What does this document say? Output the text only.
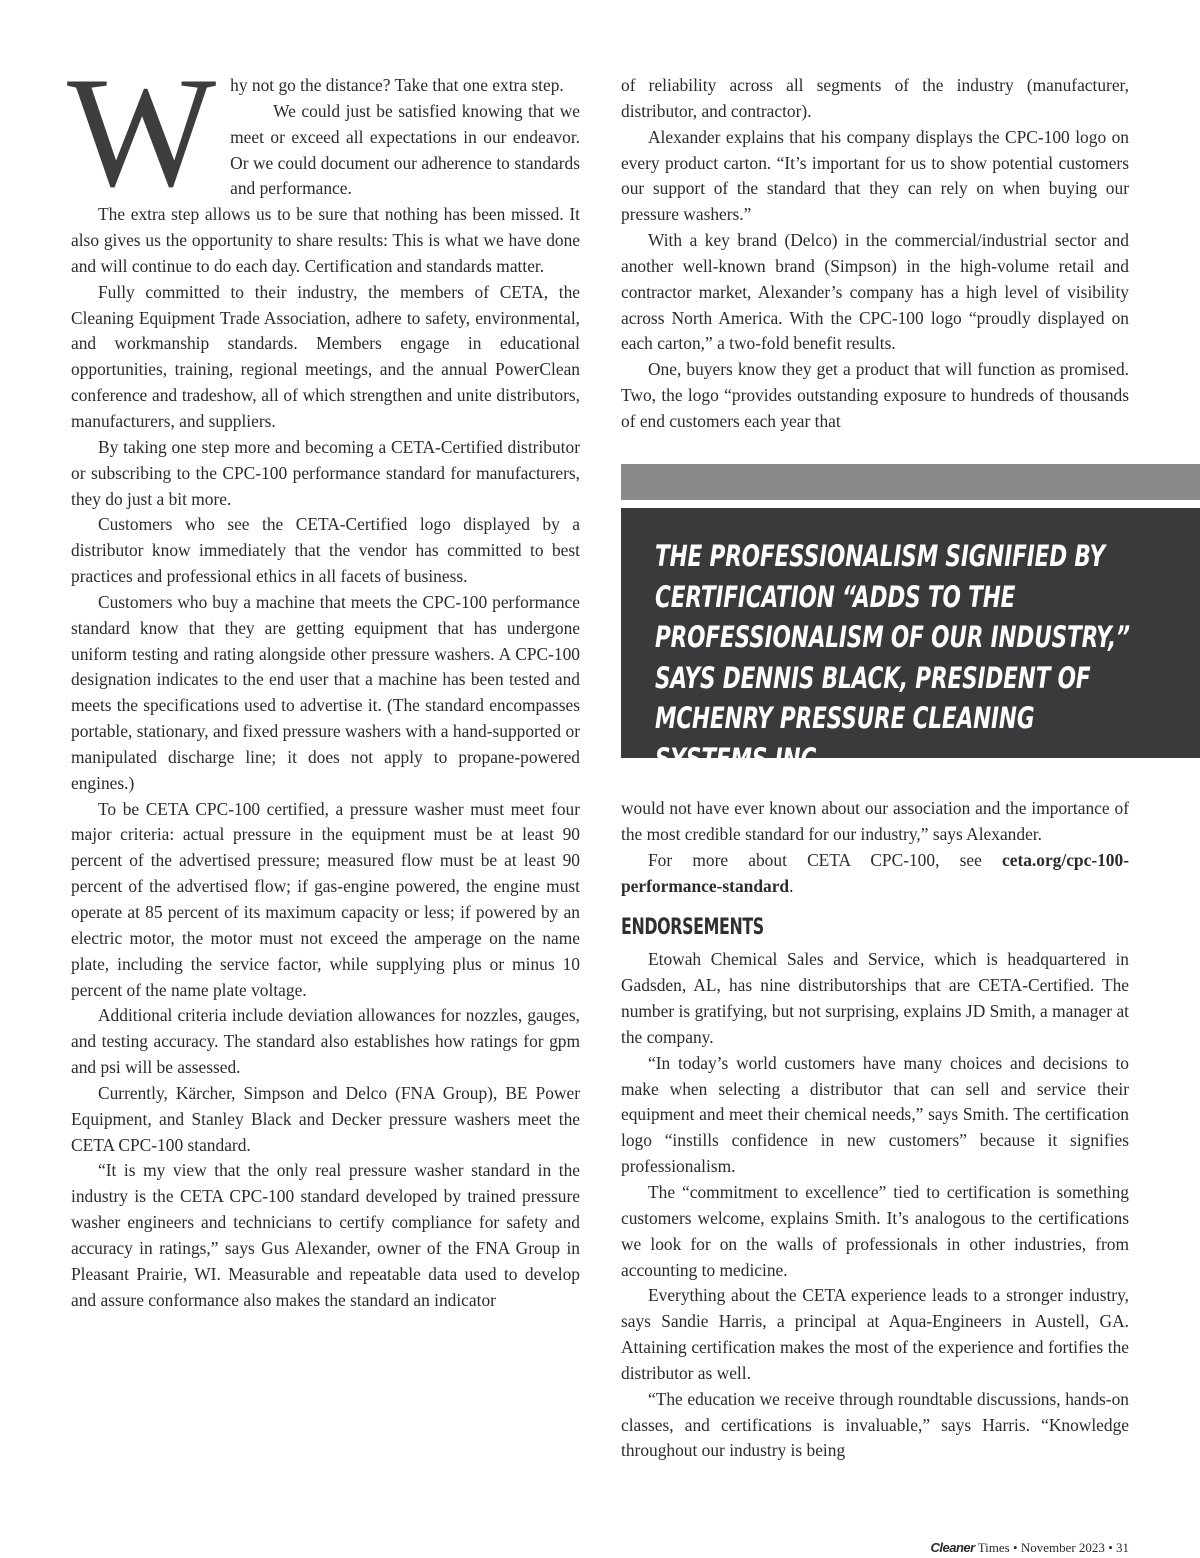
W hy not go the distance? Take that one extra step.

We could just be satisfied knowing that we meet or exceed all expectations in our endeavor. Or we could document our adherence to standards and performance.

The extra step allows us to be sure that nothing has been missed. It also gives us the opportunity to share results: This is what we have done and will continue to do each day. Certification and standards matter.

Fully committed to their industry, the members of CETA, the Cleaning Equipment Trade Association, adhere to safety, environmental, and workmanship standards. Members engage in educational opportunities, training, regional meetings, and the annual PowerClean conference and tradeshow, all of which strengthen and unite distributors, manufacturers, and suppliers.

By taking one step more and becoming a CETA-Certified distributor or subscribing to the CPC-100 performance standard for manufacturers, they do just a bit more.

Customers who see the CETA-Certified logo displayed by a distributor know immediately that the vendor has committed to best practices and professional ethics in all facets of business.

Customers who buy a machine that meets the CPC-100 performance standard know that they are getting equipment that has undergone uniform testing and rating alongside other pressure washers. A CPC-100 designation indicates to the end user that a machine has been tested and meets the specifications used to advertise it. (The standard encompasses portable, stationary, and fixed pressure washers with a hand-supported or manipulated discharge line; it does not apply to propane-powered engines.)

To be CETA CPC-100 certified, a pressure washer must meet four major criteria: actual pressure in the equipment must be at least 90 percent of the advertised pressure; measured flow must be at least 90 percent of the advertised flow; if gas-engine powered, the engine must operate at 85 percent of its maximum capacity or less; if powered by an electric motor, the motor must not exceed the amperage on the name plate, including the service factor, while supplying plus or minus 10 percent of the name plate voltage.

Additional criteria include deviation allowances for nozzles, gauges, and testing accuracy. The standard also establishes how ratings for gpm and psi will be assessed.

Currently, Kärcher, Simpson and Delco (FNA Group), BE Power Equipment, and Stanley Black and Decker pressure washers meet the CETA CPC-100 standard.

“It is my view that the only real pressure washer standard in the industry is the CETA CPC-100 standard developed by trained pressure washer engineers and technicians to certify compliance for safety and accuracy in ratings,” says Gus Alexander, owner of the FNA Group in Pleasant Prairie, WI. Measurable and repeatable data used to develop and assure conformance also makes the standard an indicator

of reliability across all segments of the industry (manufacturer, distributor, and contractor).

Alexander explains that his company displays the CPC-100 logo on every product carton. “It’s important for us to show potential customers our support of the standard that they can rely on when buying our pressure washers.”

With a key brand (Delco) in the commercial/industrial sector and another well-known brand (Simpson) in the high-volume retail and contractor market, Alexander’s company has a high level of visibility across North America. With the CPC-100 logo “proudly displayed on each carton,” a two-fold benefit results.

One, buyers know they get a product that will function as promised. Two, the logo “provides outstanding exposure to hundreds of thousands of end customers each year that

THE PROFESSIONALISM SIGNIFIED BY CERTIFICATION “ADDS TO THE PROFESSIONALISM OF OUR INDUSTRY,” SAYS DENNIS BLACK, PRESIDENT OF MCHENRY PRESSURE CLEANING SYSTEMS INC.

would not have ever known about our association and the importance of the most credible standard for our industry,” says Alexander.

For more about CETA CPC-100, see ceta.org/cpc-100-performance-standard.

ENDORSEMENTS

Etowah Chemical Sales and Service, which is headquartered in Gadsden, AL, has nine distributorships that are CETA-Certified. The number is gratifying, but not surprising, explains JD Smith, a manager at the company.

“In today’s world customers have many choices and decisions to make when selecting a distributor that can sell and service their equipment and meet their chemical needs,” says Smith. The certification logo “instills confidence in new customers” because it signifies professionalism.

The “commitment to excellence” tied to certification is something customers welcome, explains Smith. It’s analogous to the certifications we look for on the walls of professionals in other industries, from accounting to medicine.

Everything about the CETA experience leads to a stronger industry, says Sandie Harris, a principal at Aqua-Engineers in Austell, GA. Attaining certification makes the most of the experience and fortifies the distributor as well.

“The education we receive through roundtable discussions, hands-on classes, and certifications is invaluable,” says Harris. “Knowledge throughout our industry is being

Cleaner Times • November 2023 • 31
